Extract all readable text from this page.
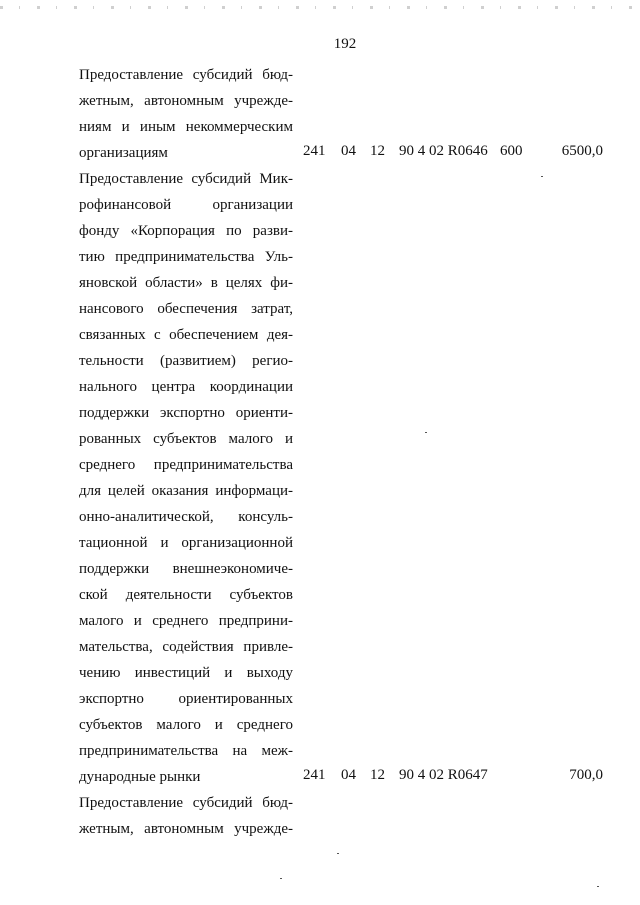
192
Предоставление субсидий бюд-
жетным, автономным учрежде-
ниям и иным некоммерческим
организациям	241 04 12 90 4 02 R0646 600	6500,0
Предоставление субсидий Мик-
рофинансовой организации
фонду «Корпорация по разви-
тию предпринимательства Уль-
яновской области» в целях фи-
нансового обеспечения затрат,
связанных с обеспечением дея-
тельности (развитием) регио-
нального центра координации
поддержки экспортно ориенти-
рованных субъектов малого и
среднего предпринимательства
для целей оказания информаци-
онно-аналитической, консуль-
тационной и организационной
поддержки внешнеэкономиче-
ской деятельности субъектов
малого и среднего предприни-
мательства, содействия привле-
чению инвестиций и выходу
экспортно ориентированных
субъектов малого и среднего
предпринимательства на меж-
дународные рынки	241 04 12 90 4 02 R0647	700,0
Предоставление субсидий бюд-
жетным, автономным учрежде-
